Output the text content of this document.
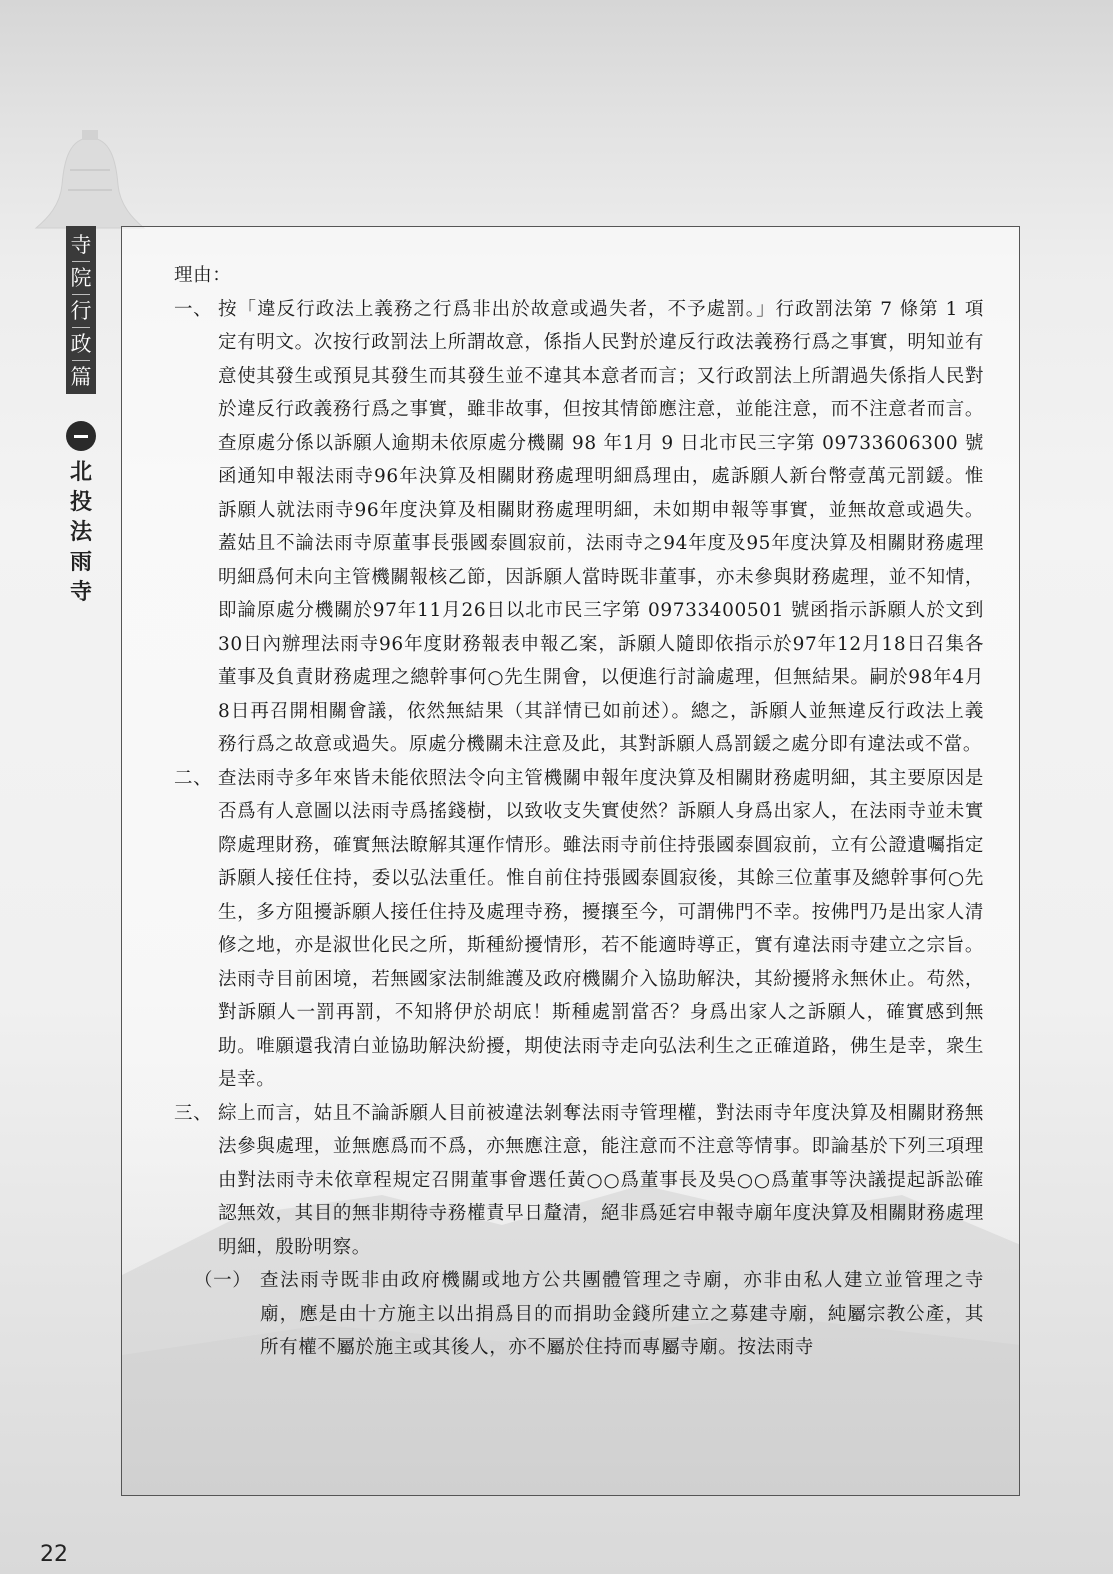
寺
院
行
政
篇
北
投
法
雨
寺

理由：

一、 按「違反行政法上義務之行爲非出於故意或過失者，不予處罰。」行政罰法第 7 條第 1 項定有明文。次按行政罰法上所謂故意，係指人民對於違反行政法義務行爲之事實，明知並有意使其發生或預見其發生而其發生並不違其本意者而言；又行政罰法上所謂過失係指人民對於違反行政義務行爲之事實，雖非故事，但按其情節應注意，並能注意，而不注意者而言。查原處分係以訴願人逾期未依原處分機關 98 年1月 9 日北市民三字第 09733606300 號函通知申報法雨寺96年決算及相關財務處理明細爲理由，處訴願人新台幣壹萬元罰鍰。惟訴願人就法雨寺96年度決算及相關財務處理明細，未如期申報等事實，並無故意或過失。蓋姑且不論法雨寺原董事長張國泰圓寂前，法雨寺之94年度及95年度決算及相關財務處理明細爲何未向主管機關報核乙節，因訴願人當時既非董事，亦未參與財務處理，並不知情，即論原處分機關於97年11月26日以北市民三字第 09733400501 號函指示訴願人於文到30日內辦理法雨寺96年度財務報表申報乙案，訴願人隨即依指示於97年12月18日召集各董事及負責財務處理之總幹事何○先生開會，以便進行討論處理，但無結果。嗣於98年4月8日再召開相關會議，依然無結果（其詳情已如前述）。總之，訴願人並無違反行政法上義務行爲之故意或過失。原處分機關未注意及此，其對訴願人爲罰鍰之處分即有違法或不當。
二、 查法雨寺多年來皆未能依照法令向主管機關申報年度決算及相關財務處明細，其主要原因是否爲有人意圖以法雨寺爲搖錢樹，以致收支失實使然？訴願人身爲出家人，在法雨寺並未實際處理財務，確實無法瞭解其運作情形。雖法雨寺前住持張國泰圓寂前，立有公證遺囑指定訴願人接任住持，委以弘法重任。惟自前住持張國泰圓寂後，其餘三位董事及總幹事何○先生，多方阻擾訴願人接任住持及處理寺務，擾攘至今，可謂佛門不幸。按佛門乃是出家人清修之地，亦是淑世化民之所，斯種紛擾情形，若不能適時導正，實有違法雨寺建立之宗旨。法雨寺目前困境，若無國家法制維護及政府機關介入協助解決，其紛擾將永無休止。苟然，對訴願人一罰再罰，不知將伊於胡底！斯種處罰當否？身爲出家人之訴願人，確實感到無助。唯願還我清白並協助解決紛擾，期使法雨寺走向弘法利生之正確道路，佛生是幸，衆生是幸。
三、 綜上而言，姑且不論訴願人目前被違法剝奪法雨寺管理權，對法雨寺年度決算及相關財務無法參與處理，並無應爲而不爲，亦無應注意，能注意而不注意等情事。即論基於下列三項理由對法雨寺未依章程規定召開董事會選任黃○○爲董事長及吳○○爲董事等決議提起訴訟確認無效，其目的無非期待寺務權責早日釐清，絕非爲延宕申報寺廟年度決算及相關財務處理明細，殷盼明察。
（一） 查法雨寺既非由政府機關或地方公共團體管理之寺廟，亦非由私人建立並管理之寺廟，應是由十方施主以出捐爲目的而捐助金錢所建立之募建寺廟，純屬宗教公產，其所有權不屬於施主或其後人，亦不屬於住持而專屬寺廟。按法雨寺
22
